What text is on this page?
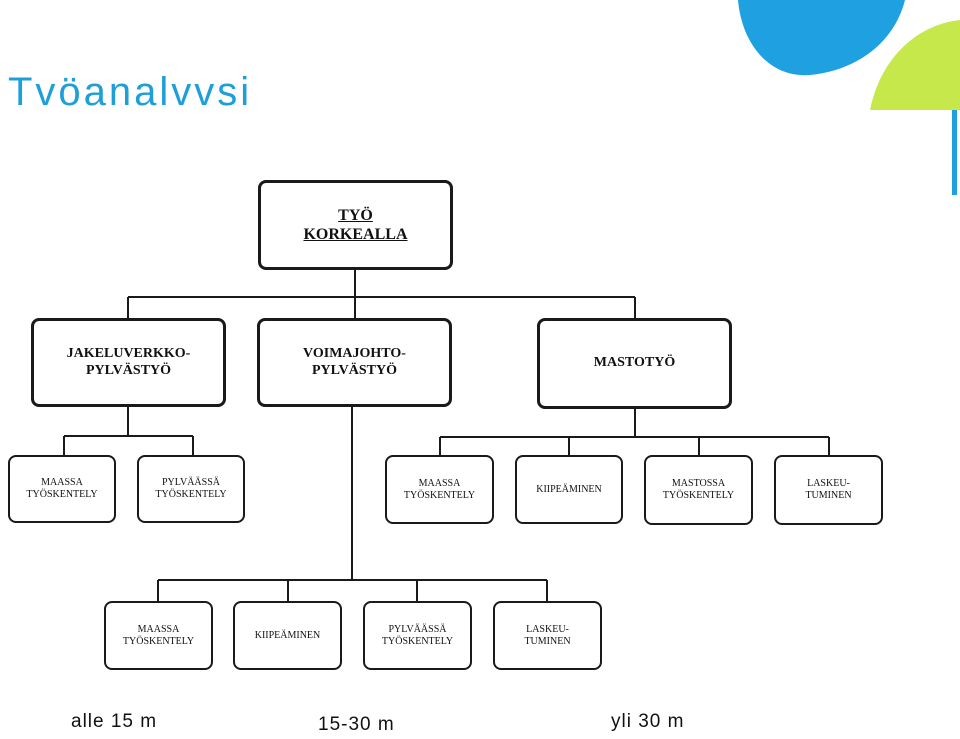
Tvöanalvvsi
TYÖ
KORKEALLA
JAKELUVERKKO-
PYLVÄSTYÖ
VOIMAJOHTO-
PYLVÄSTYÖ	MASTOTYÖ
MAASSA
TYÖSKENTELY
PYLVÄÄSSÄ
TYÖSKENTELY
MAASSA
TYÖSKENTELY
KIIPEÄMINEN	MASTOSSA
TYÖSKENTELY
LASKEU-
TUMINEN
MAASSA
TYÖSKENTELY
KIIPEÄMINEN
PYLVÄÄSSÄ
TYÖSKENTELY
LASKEU-
TUMINEN
alle 15 m	15-30 m	yli 30 m
